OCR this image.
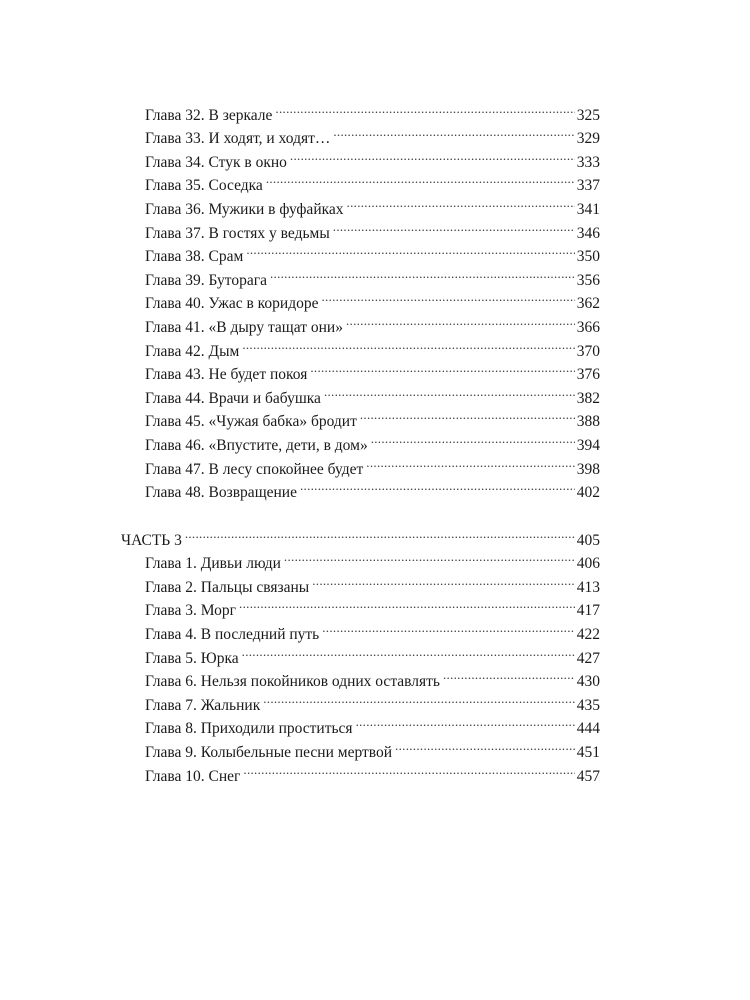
Глава 32. В зеркале .....	325
Глава 33. И ходят, и ходят… .....	329
Глава 34. Стук в окно .....	333
Глава 35. Соседка .....	337
Глава 36. Мужики в фуфайках .....	341
Глава 37. В гостях у ведьмы .....	346
Глава 38. Срам .....	350
Глава 39. Буторага .....	356
Глава 40. Ужас в коридоре .....	362
Глава 41. «В дыру тащат они» .....	366
Глава 42. Дым .....	370
Глава 43. Не будет покоя .....	376
Глава 44. Врачи и бабушка .....	382
Глава 45. «Чужая бабка» бродит .....	388
Глава 46. «Впустите, дети, в дом» .....	394
Глава 47. В лесу спокойнее будет .....	398
Глава 48. Возвращение .....	402
ЧАСТЬ 3 .....	405
Глава 1. Дивьи люди .....	406
Глава 2. Пальцы связаны .....	413
Глава 3. Морг .....	417
Глава 4. В последний путь .....	422
Глава 5. Юрка .....	427
Глава 6. Нельзя покойников одних оставлять .....	430
Глава 7. Жальник .....	435
Глава 8. Приходили проститься .....	444
Глава 9. Колыбельные песни мертвой .....	451
Глава 10. Снег .....	457
